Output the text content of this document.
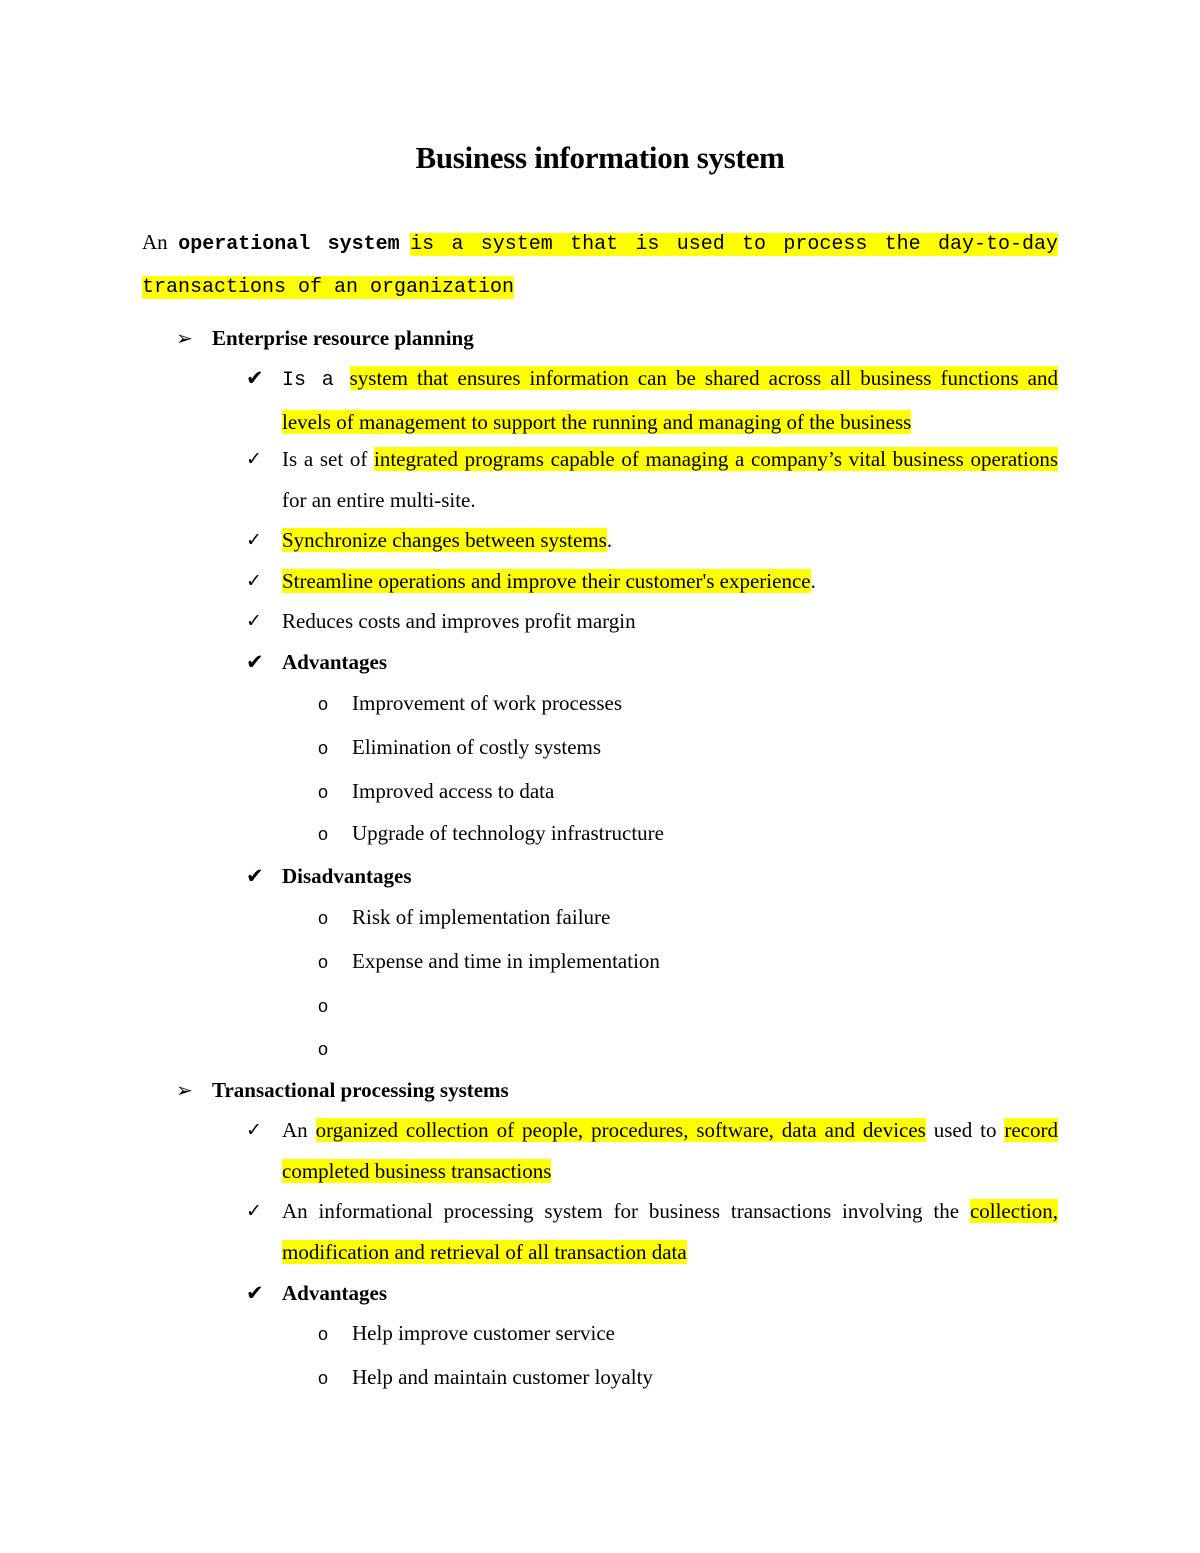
Business information system
An operational system is a system that is used to process the day-to-day transactions of an organization
➢ Enterprise resource planning
✔ Is a system that ensures information can be shared across all business functions and levels of management to support the running and managing of the business
✓ Is a set of integrated programs capable of managing a company’s vital business operations for an entire multi-site.
✓ Synchronize changes between systems.
✓ Streamline operations and improve their customer's experience.
✓ Reduces costs and improves profit margin
✔ Advantages
o Improvement of work processes
o Elimination of costly systems
o Improved access to data
o Upgrade of technology infrastructure
✔ Disadvantages
o Risk of implementation failure
o Expense and time in implementation
o
o
➢ Transactional processing systems
✓ An organized collection of people, procedures, software, data and devices used to record completed business transactions
✓ An informational processing system for business transactions involving the collection, modification and retrieval of all transaction data
✔ Advantages
o Help improve customer service
o Help and maintain customer loyalty
